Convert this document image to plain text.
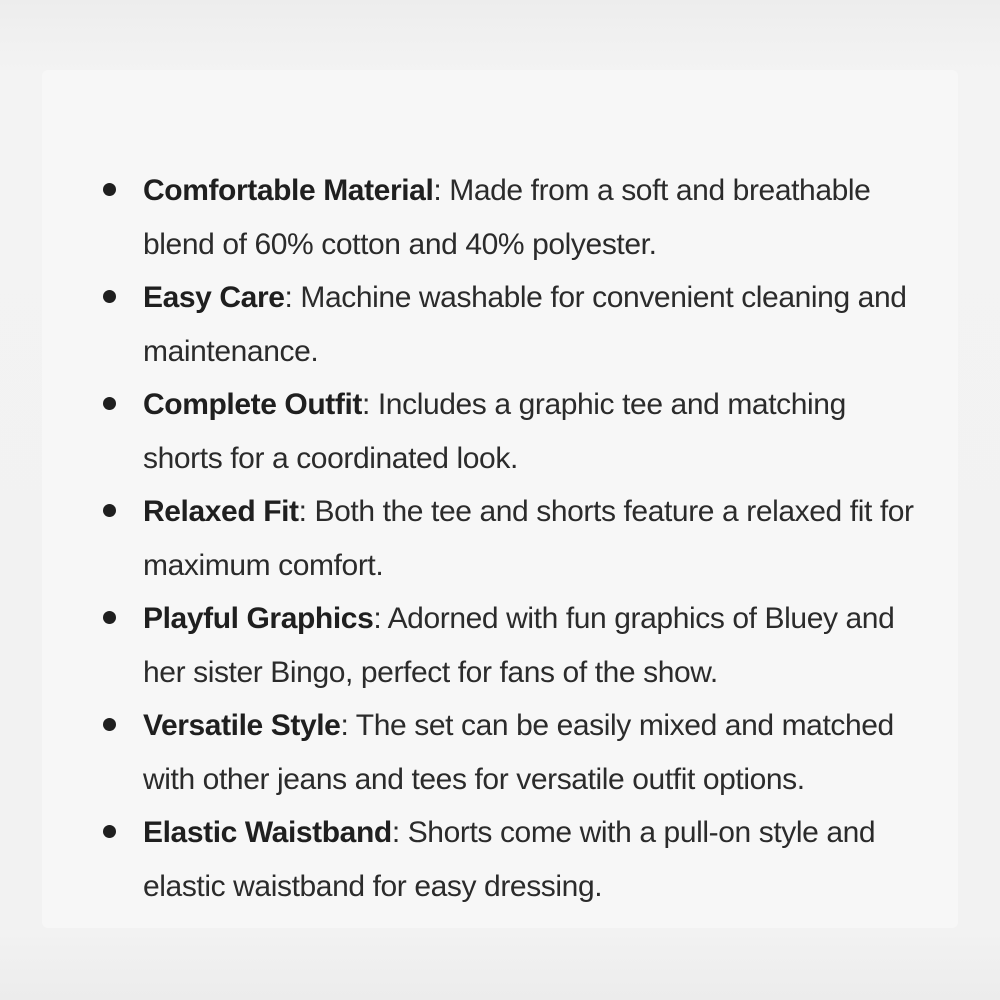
Comfortable Material: Made from a soft and breathable blend of 60% cotton and 40% polyester.
Easy Care: Machine washable for convenient cleaning and maintenance.
Complete Outfit: Includes a graphic tee and matching shorts for a coordinated look.
Relaxed Fit: Both the tee and shorts feature a relaxed fit for maximum comfort.
Playful Graphics: Adorned with fun graphics of Bluey and her sister Bingo, perfect for fans of the show.
Versatile Style: The set can be easily mixed and matched with other jeans and tees for versatile outfit options.
Elastic Waistband: Shorts come with a pull-on style and elastic waistband for easy dressing.
